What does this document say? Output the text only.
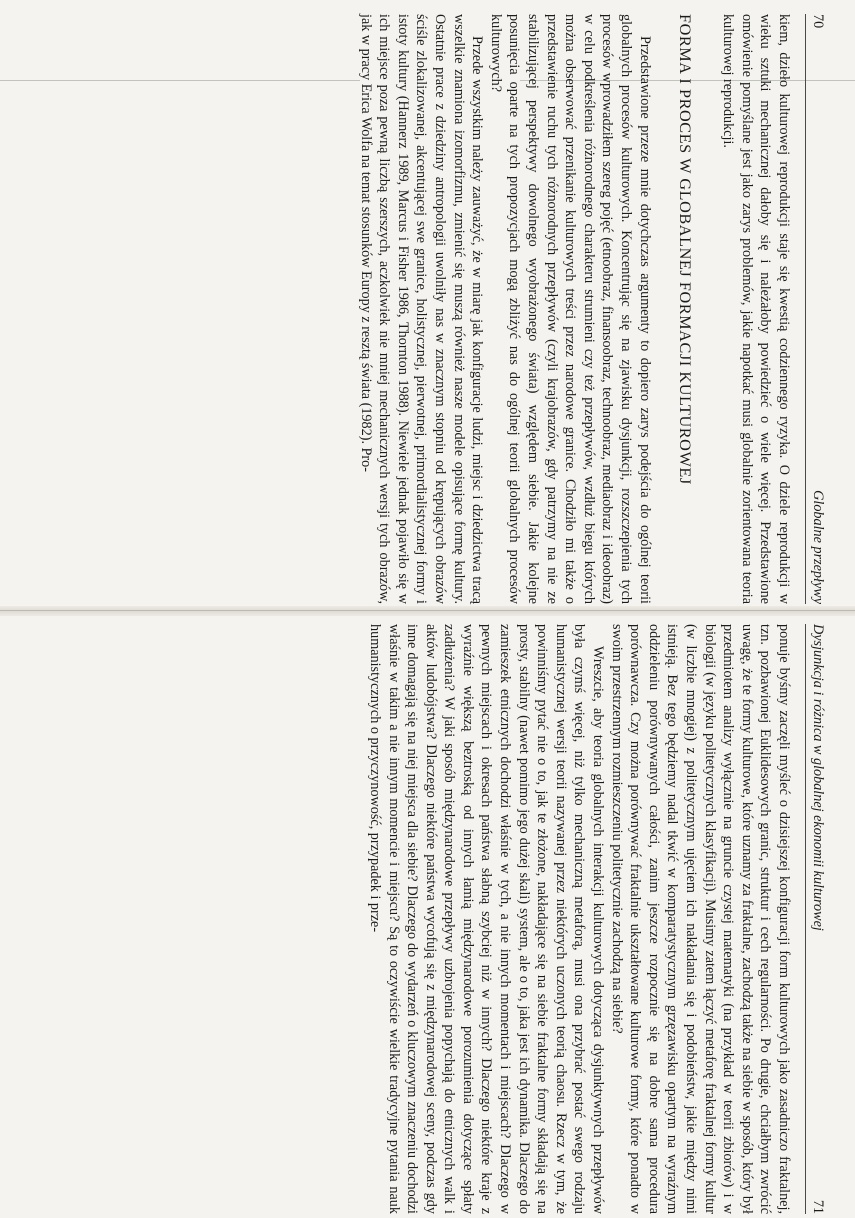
70
Globalne przepływy

kiem, dzieło kulturowej reprodukcji staje się kwestią codziennego ryzyka. O dziele reprodukcji w wieku sztuki mechanicznej dałoby się i należałoby powiedzieć o wiele więcej. Przedstawione omówienie pomyślane jest jako zarys problemów, jakie napotkać musi globalnie zorientowana teoria kulturowej reprodukcji.

FORMA I PROCES W GLOBALNEJ FORMACJI KULTUROWEJ

Przedstawione przeze mnie dotychczas argumenty to dopiero zarys podejścia do ogólnej teorii globalnych procesów kulturowych. Koncentrując się na zjawisku dysjunkcji, rozszczepienia tych procesów wprowadziłem szereg pojęć (etnoobraz, finansoobraz, technoobraz, mediaobraz i ideoobraz) w celu podkreślenia różnorodnego charakteru strumieni czy też przepływów, wzdłuż biegu których można obserwować przenikanie kulturowych treści przez narodowe granice. Chodziło mi także o przedstawienie ruchu tych różnorodnych przepływów (czyli krajobrazów, gdy patrzymy na nie ze stabilizującej perspektywy dowolnego wyobrażonego świata) względem siebie. Jakie kolejne posunięcia oparte na tych propozycjach mogą zbliżyć nas do ogólnej teorii globalnych procesów kulturowych?

Przede wszystkim należy zauważyć, że w miarę jak konfiguracje ludzi, miejsc i dziedzictwa tracą wszelkie znamiona izomorfizmu, zmienić się muszą również nasze modele opisujące formę kultury. Ostatnie prace z dziedziny antropologii uwolniły nas w znacznym stopniu od krępujących obrazów ściśle zlokalizowanej, akcentującej swe granice, holistycznej, pierwotnej, primordialistycznej formy i istoty kultury (Hannerz 1989, Marcus i Fisher 1986, Thornton 1988). Niewiele jednak pojawiło się w ich miejsce poza pewną liczbą szerszych, aczkolwiek nie mniej mechanicznych wersji tych obrazów, jak w pracy Erica Wolfa na temat stosunków Europy z resztą świata (1982). Pro-

Dysjunkcja i różnica w globalnej ekonomii kulturowej
71

ponuje byśmy zaczęli myśleć o dzisiejszej konfiguracji form kulturowych jako zasadniczo fraktalnej, tzn. pozbawionej Euklidesowych granic, struktur i cech regularności. Po drugie, chciałbym zwrócić uwagę, że te formy kulturowe, które uznamy za fraktalne, zachodzą także na siebie w sposób, który był przedmiotem analizy wyłącznie na gruncie czystej matematyki (na przykład w teorii zbiorów) i w biologii (w języku politetycznych klasyfikacji). Musimy zatem łączyć metaforę fraktalnej formy kultur (w liczbie mnogiej) z politetycznym ujęciem ich nakładania się i podobieństw, jakie między nimi istnieją. Bez tego będziemy nadal tkwić w komparatystycznym grzęzawisku opartym na wyraźnym oddzieleniu porównywanych całości, zanim jeszcze rozpocznie się na dobre sama procedura porównawcza. Czy można porównywać fraktalnie ukształtowane kulturowe formy, które ponadto w swoim przestrzennym rozmieszczeniu politetycznie zachodzą na siebie?

Wreszcie, aby teoria globalnych interakcji kulturowych dotycząca dysjunktywnych przepływów była czymś więcej, niż tylko mechaniczną metaforą, musi ona przybrać postać swego rodzaju humanistycznej wersji teorii nazywanej przez niektórych uczonych teorią chaosu. Rzecz w tym, że powinniśmy pytać nie o to, jak te złożone, nakładające się na siebie fraktalne formy składają się na prosty, stabilny (nawet pomimo jego dużej skali) system, ale o to, jaka jest ich dynamika. Dlaczego do zamieszek etnicznych dochodzi właśnie w tych, a nie innych momentach i miejscach? Dlaczego w pewnych miejscach i okresach państwa słabną szybciej niż w innych? Dlaczego niektóre kraje z wyraźnie większą beztroską od innych łamią międzynarodowe porozumienia dotyczące spłaty zadłużenia? W jaki sposób międzynarodowe przepływy uzbrojenia popychają do etnicznych walk i aktów ludobójstwa? Dlaczego niektóre państwa wycofują się z międzynarodowej sceny, podczas gdy inne domagają się na niej miejsca dla siebie? Dlaczego do wydarzeń o kluczowym znaczeniu dochodzi właśnie w takim a nie innym momencie i miejscu? Są to oczywiście wielkie tradycyjne pytania nauk humanistycznych o przyczynowość, przypadek i prze-
